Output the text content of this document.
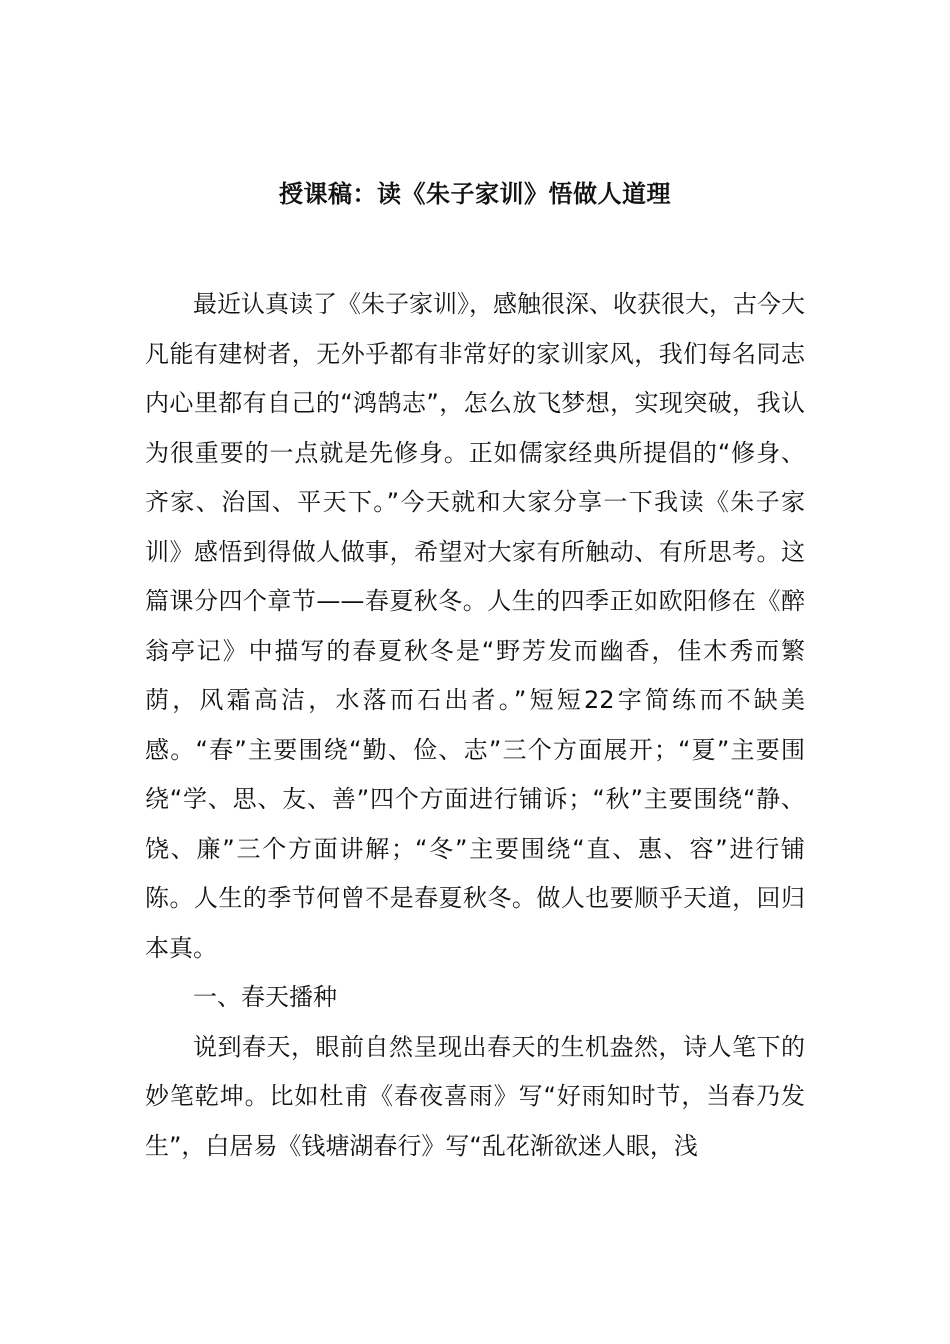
授课稿：读《朱子家训》悟做人道理

最近认真读了《朱子家训》，感触很深、收获很大，古今大凡能有建树者，无外乎都有非常好的家训家风，我们每名同志内心里都有自己的“鸿鹄志”，怎么放飞梦想，实现突破，我认为很重要的一点就是先修身。正如儒家经典所提倡的“修身、齐家、治国、平天下。”今天就和大家分享一下我读《朱子家训》感悟到得做人做事，希望对大家有所触动、有所思考。这篇课分四个章节——春夏秋冬。人生的四季正如欧阳修在《醉翁亭记》中描写的春夏秋冬是“野芳发而幽香，佳木秀而繁荫，风霜高洁，水落而石出者。”短短22字简练而不缺美感。“春”主要围绕“勤、俭、志”三个方面展开；“夏”主要围绕“学、思、友、善”四个方面进行铺诉；“秋”主要围绕“静、饶、廉”三个方面讲解；“冬”主要围绕“直、惠、容”进行铺陈。人生的季节何曾不是春夏秋冬。做人也要顺乎天道，回归本真。

一、春天播种

说到春天，眼前自然呈现出春天的生机盎然，诗人笔下的妙笔乾坤。比如杜甫《春夜喜雨》写“好雨知时节，当春乃发生”，白居易《钱塘湖春行》写“乱花渐欲迷人眼，浅
